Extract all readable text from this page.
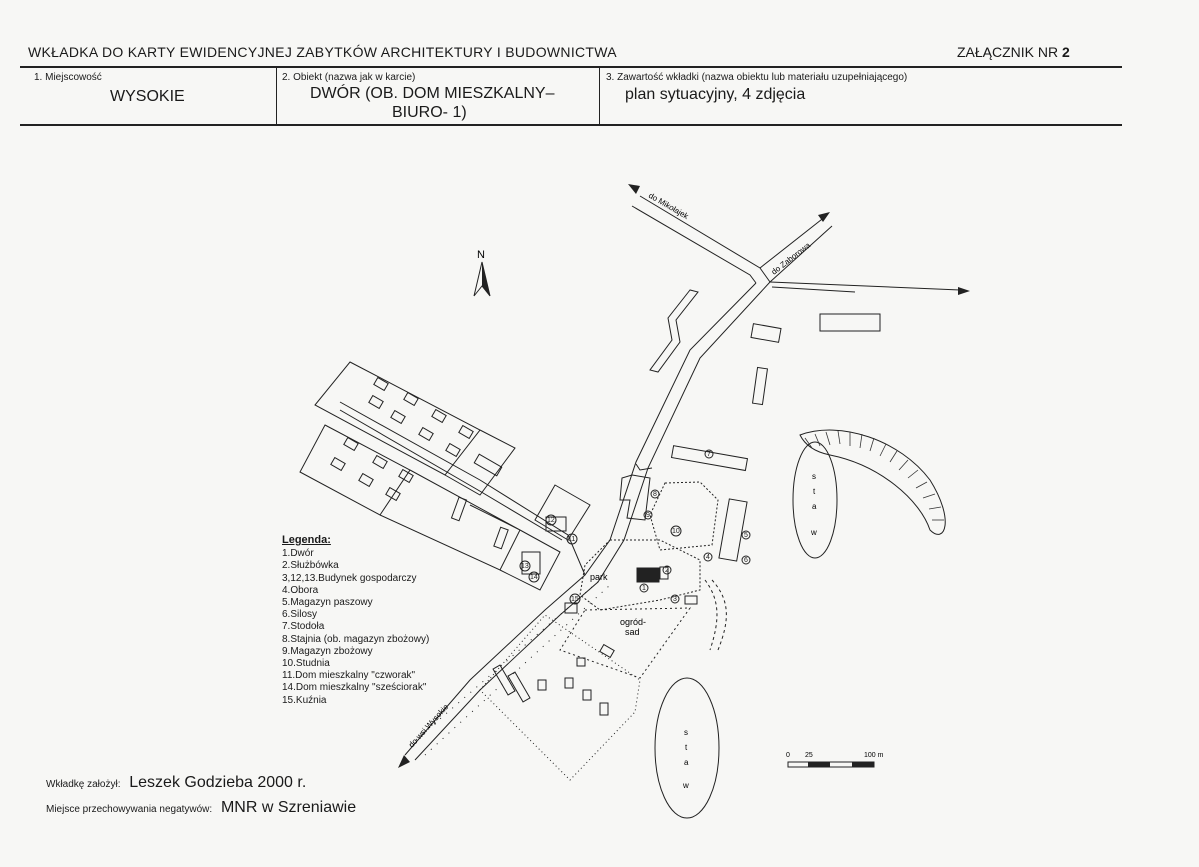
WKŁADKA DO KARTY EWIDENCYJNEJ ZABYTKÓW ARCHITEKTURY I BUDOWNICTWA	ZAŁĄCZNIK NR 2
1. Miejscowość
WYSOKIE
2. Obiekt (nazwa jak w karcie)
DWÓR (OB. DOM MIESZKALNY–
BIURO- 1)
3. Zawartość wkładki (nazwa obiektu lub materiału uzupełniającego)
plan sytuacyjny, 4 zdjęcia
N
do Mikołajek
do Zaborowa
do wsi Wysokie
park
ogród-
sad
s
t
a
w
s
t
a
w
1
2
3
4
5
6
7
8
9
10
11
12
13
14
15
0 25	100 m
Legenda:
1.Dwór
2.Służbówka
3,12,13.Budynek gospodarczy
4.Obora
5.Magazyn paszowy
6.Silosy
7.Stodoła
8.Stajnia (ob. magazyn zbożowy)
9.Magazyn zbożowy
10.Studnia
11.Dom mieszkalny "czworak"
14.Dom mieszkalny "sześciorak"
15.Kuźnia
Wkładkę założył: Leszek Godzieba 2000 r.
Miejsce przechowywania negatywów: MNR w Szreniawie
